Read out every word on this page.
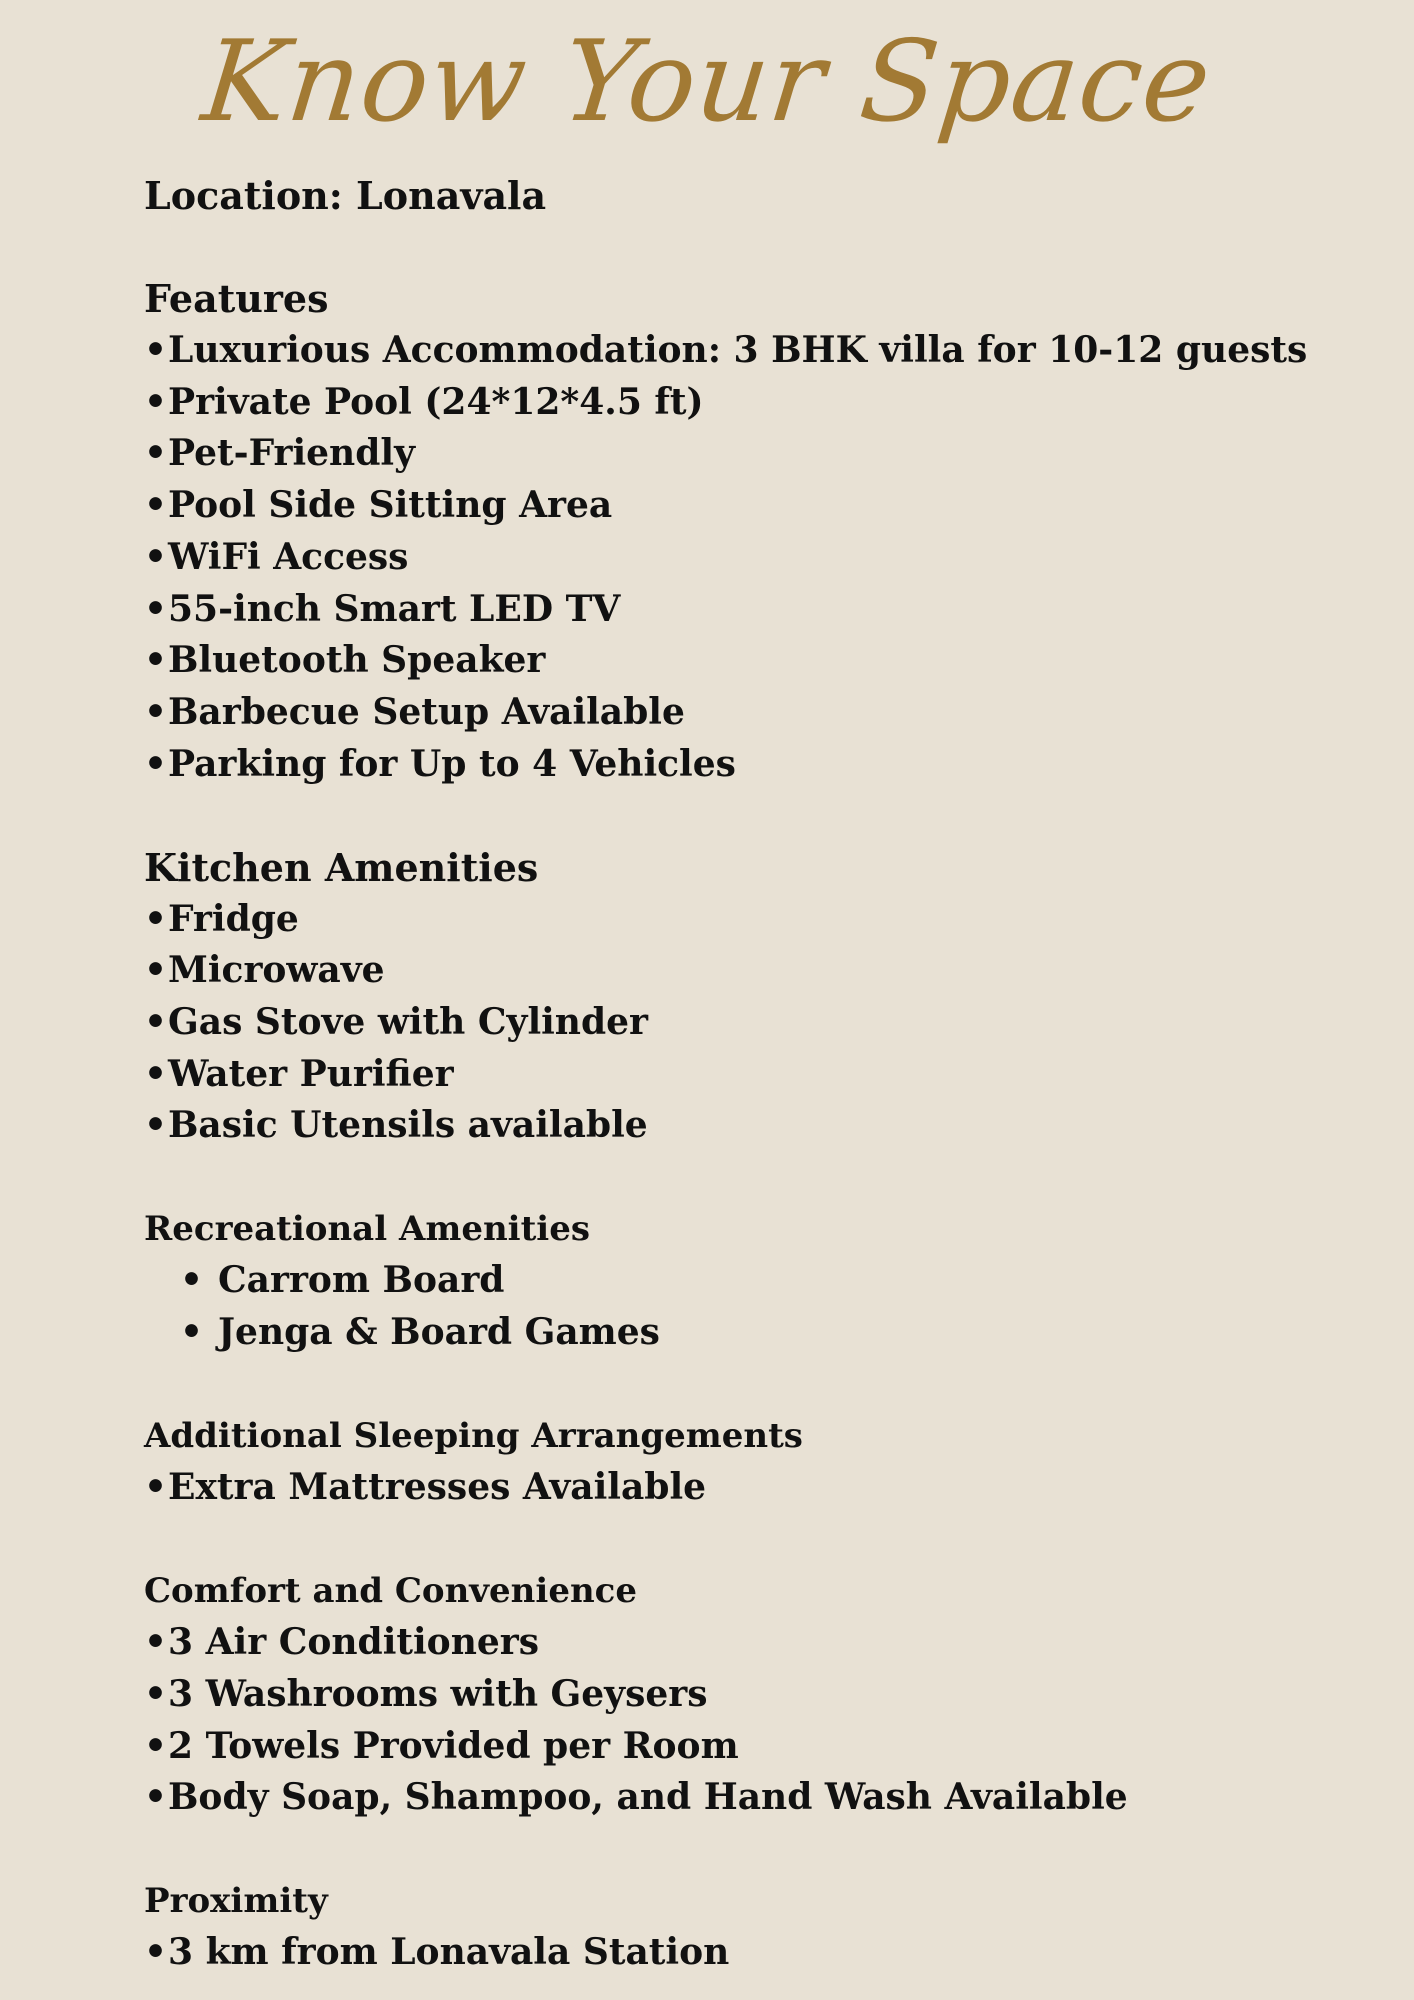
Know Your Space
Location: Lonavala
Features
•Luxurious Accommodation: 3 BHK villa for 10-12 guests
•Private Pool (24*12*4.5 ft)
•Pet-Friendly
•Pool Side Sitting Area
•WiFi Access
•55-inch Smart LED TV
•Bluetooth Speaker
•Barbecue Setup Available
•Parking for Up to 4 Vehicles
Kitchen Amenities
•Fridge
•Microwave
•Gas Stove with Cylinder
•Water Purifier
•Basic Utensils available
Recreational Amenities
• Carrom Board
• Jenga & Board Games
Additional Sleeping Arrangements
•Extra Mattresses Available
Comfort and Convenience
•3 Air Conditioners
•3 Washrooms with Geysers
•2 Towels Provided per Room
•Body Soap, Shampoo, and Hand Wash Available
Proximity
•3 km from Lonavala Station
